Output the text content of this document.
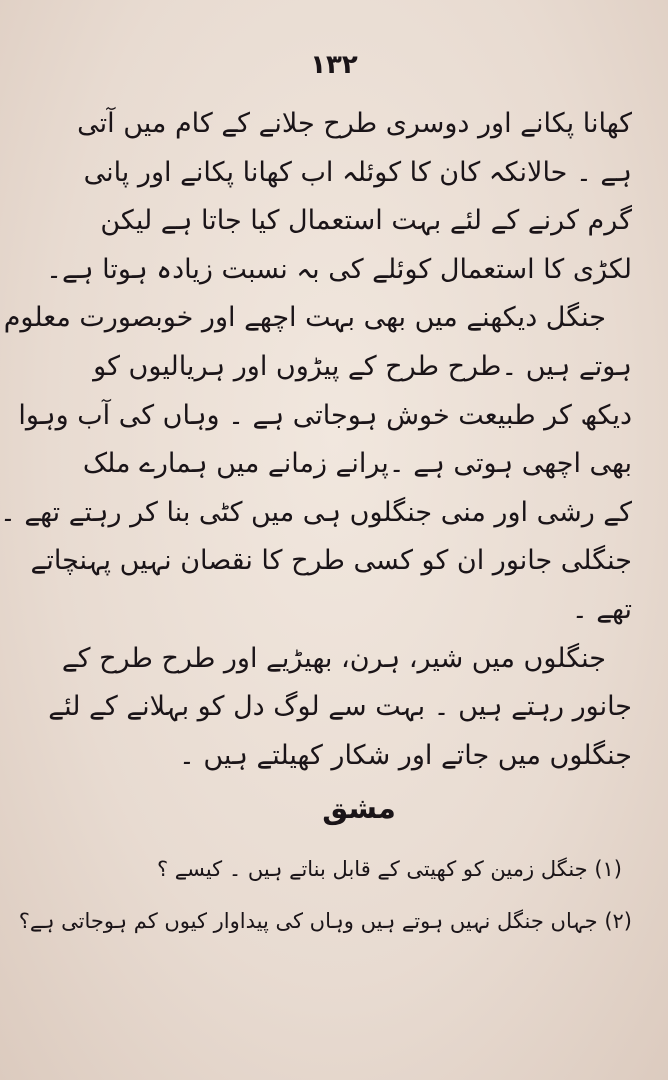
۱۳۲
کھانا پکانے اور دوسری طرح جلانے کے کام میں آتی
ہے ۔ حالانکہ کان کا کوئلہ اب کھانا پکانے اور پانی
گرم کرنے کے لئے بہت استعمال کیا جاتا ہے لیکن
لکڑی کا استعمال کوئلے کی بہ نسبت زیادہ ہوتا ہے۔
جنگل دیکھنے میں بھی بہت اچھے اور خوبصورت معلوم
ہوتے ہیں ۔طرح طرح کے پیڑوں اور ہریالیوں کو
دیکھ کر طبیعت خوش ہوجاتی ہے ۔ وہاں کی آب وہوا
بھی اچھی ہوتی ہے ۔پرانے زمانے میں ہمارے ملک
کے رشی اور منی جنگلوں ہی میں کٹی بنا کر رہتے تھے ۔
جنگلی جانور ان کو کسی طرح کا نقصان نہیں پہنچاتے
تھے ۔
جنگلوں میں شیر، ہرن، بھیڑیے اور طرح طرح کے
جانور رہتے ہیں ۔ بہت سے لوگ دل کو بہلانے کے لئے
جنگلوں میں جاتے اور شکار کھیلتے ہیں ۔
مشق
(۱) جنگل زمین کو کھیتی کے قابل بناتے ہیں ۔ کیسے ؟
(۲) جہاں جنگل نہیں ہوتے ہیں وہاں کی پیداوار کیوں کم ہوجاتی ہے؟
